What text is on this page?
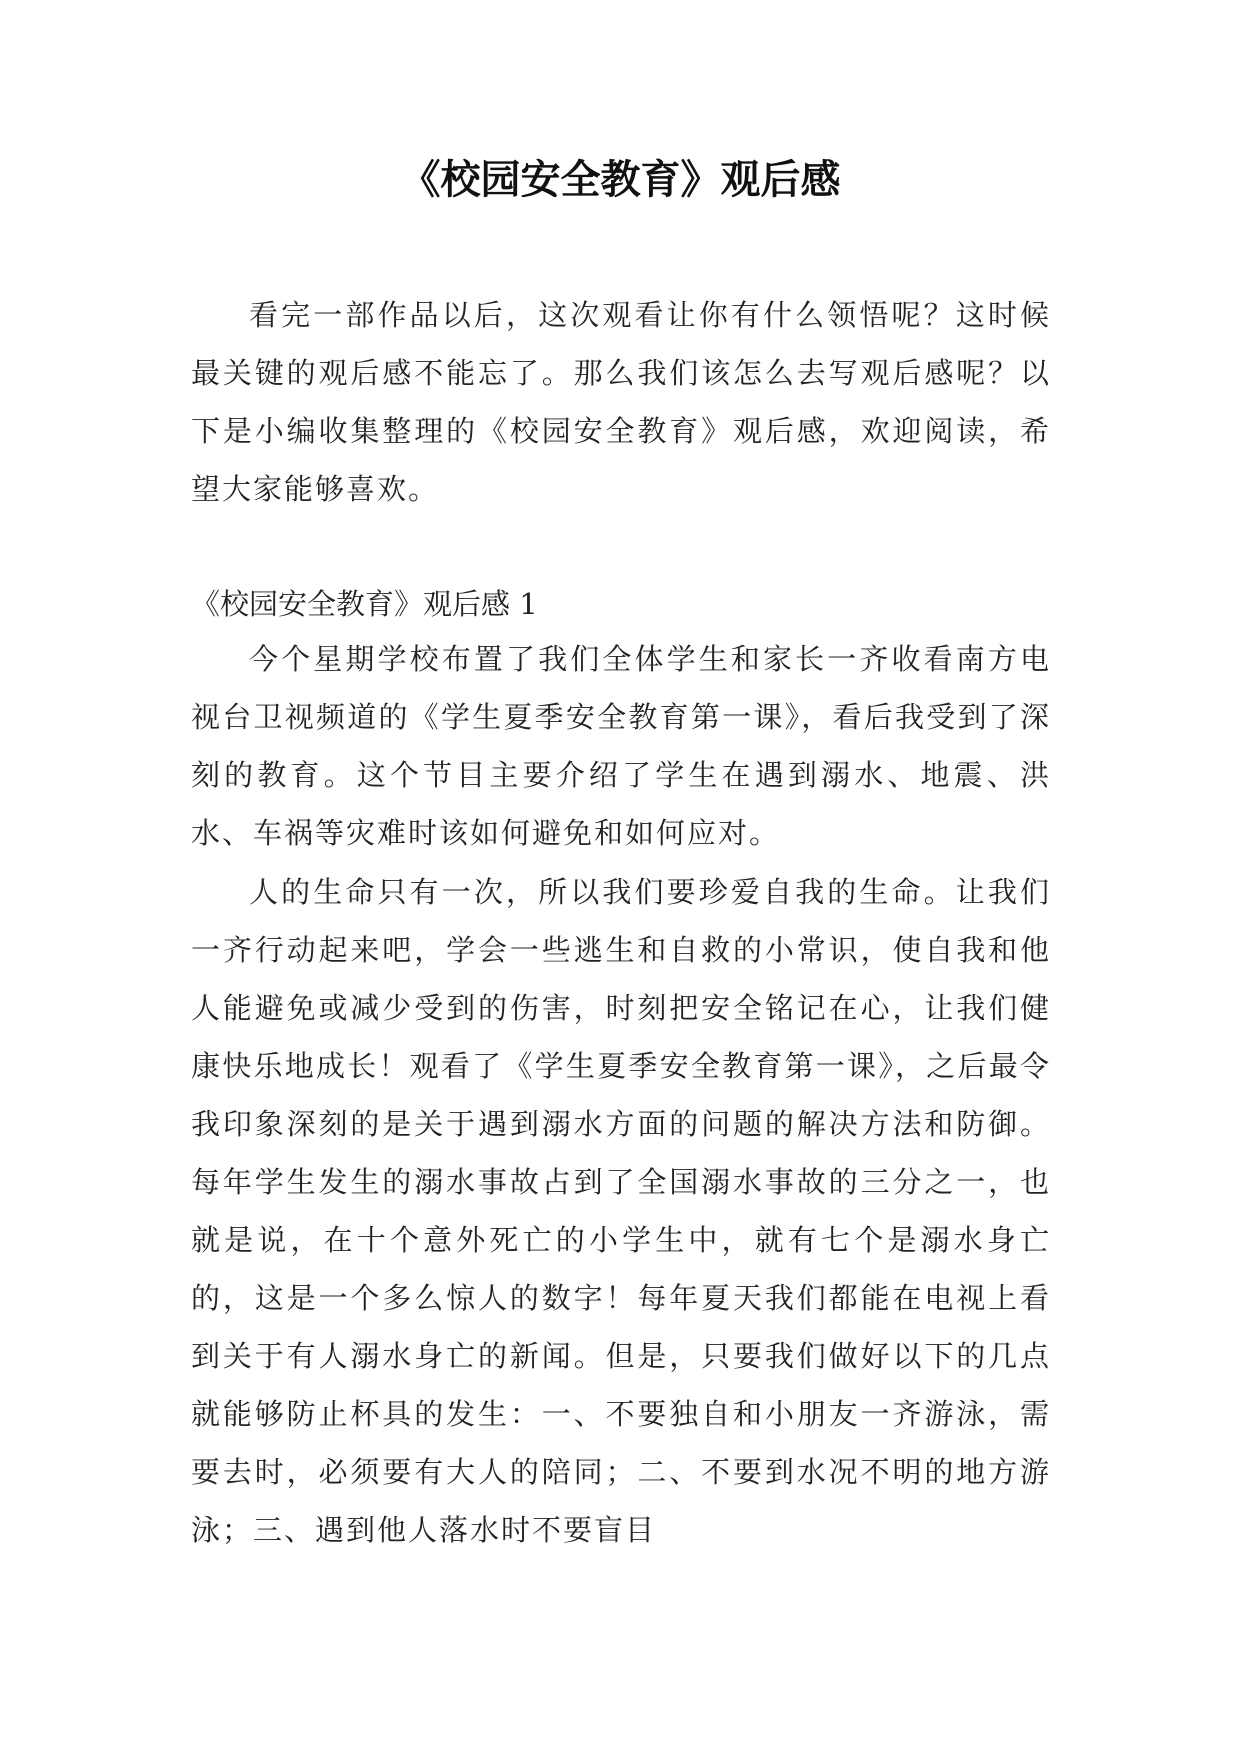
《校园安全教育》观后感

看完一部作品以后，这次观看让你有什么领悟呢？这时候最关键的观后感不能忘了。那么我们该怎么去写观后感呢？以下是小编收集整理的《校园安全教育》观后感，欢迎阅读，希望大家能够喜欢。

《校园安全教育》观后感 1

今个星期学校布置了我们全体学生和家长一齐收看南方电视台卫视频道的《学生夏季安全教育第一课》，看后我受到了深刻的教育。这个节目主要介绍了学生在遇到溺水、地震、洪水、车祸等灾难时该如何避免和如何应对。

人的生命只有一次，所以我们要珍爱自我的生命。让我们一齐行动起来吧，学会一些逃生和自救的小常识，使自我和他人能避免或减少受到的伤害，时刻把安全铭记在心，让我们健康快乐地成长！观看了《学生夏季安全教育第一课》，之后最令我印象深刻的是关于遇到溺水方面的问题的解决方法和防御。每年学生发生的溺水事故占到了全国溺水事故的三分之一，也就是说，在十个意外死亡的小学生中，就有七个是溺水身亡的，这是一个多么惊人的数字！每年夏天我们都能在电视上看到关于有人溺水身亡的新闻。但是，只要我们做好以下的几点就能够防止杯具的发生：一、不要独自和小朋友一齐游泳，需要去时，必须要有大人的陪同；二、不要到水况不明的地方游泳；三、遇到他人落水时不要盲目
